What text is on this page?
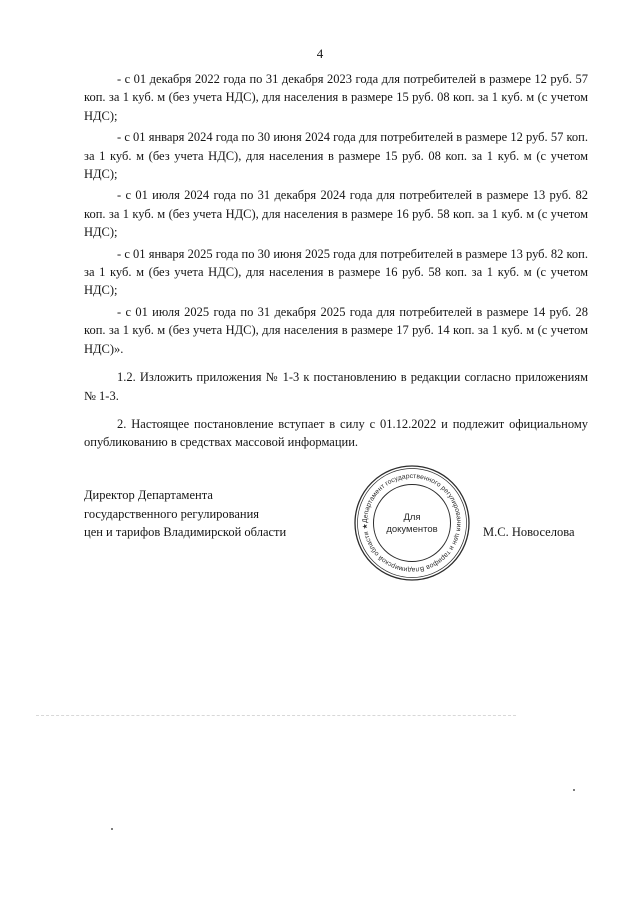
4

- с 01 декабря 2022 года по 31 декабря 2023 года для потребителей в размере 12 руб. 57 коп. за 1 куб. м (без учета НДС), для населения в размере 15 руб. 08 коп. за 1 куб. м (с учетом НДС);

- с 01 января 2024 года по 30 июня 2024 года для потребителей в размере 12 руб. 57 коп. за 1 куб. м (без учета НДС), для населения в размере 15 руб. 08 коп. за 1 куб. м (с учетом НДС);

- с 01 июля 2024 года по 31 декабря 2024 года для потребителей в размере 13 руб. 82 коп. за 1 куб. м (без учета НДС), для населения в размере 16 руб. 58 коп. за 1 куб. м (с учетом НДС);

- с 01 января 2025 года по 30 июня 2025 года для потребителей в размере 13 руб. 82 коп. за 1 куб. м (без учета НДС), для населения в размере 16 руб. 58 коп. за 1 куб. м (с учетом НДС);

- с 01 июля 2025 года по 31 декабря 2025 года для потребителей в размере 14 руб. 28 коп. за 1 куб. м (без учета НДС), для населения в размере 17 руб. 14 коп. за 1 куб. м (с учетом НДС)».

1.2. Изложить приложения № 1-3 к постановлению в редакции согласно приложениям № 1-3.

2. Настоящее постановление вступает в силу с 01.12.2022 и подлежит официальному опубликованию в средствах массовой информации.

Директор Департамента
государственного регулирования
цен и тарифов Владимирской области
Департамент государственного регулирования цен и тарифов Владимирской области ★
Для
документов	М.С. Новоселова
